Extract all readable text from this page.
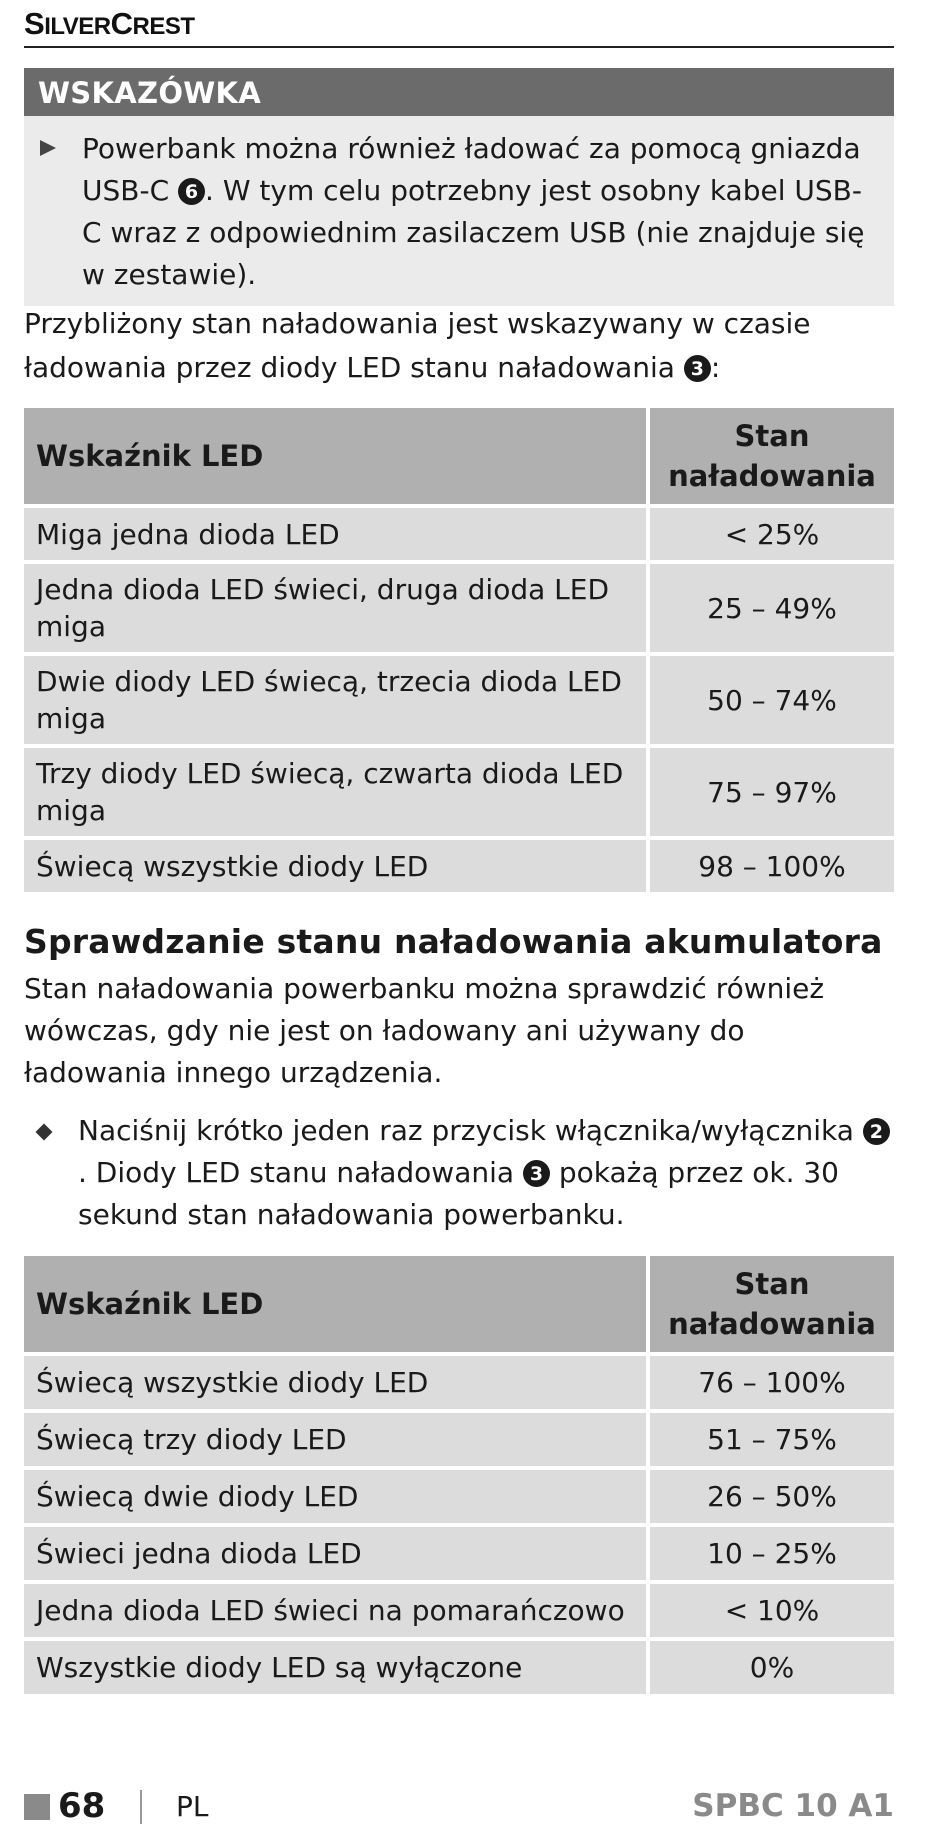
SILVERCREST
WSKAZÓWKA
Powerbank można również ładować za pomocą gniazda USB-C 6 . W tym celu potrzebny jest osobny kabel USB-C wraz z odpowiednim zasilaczem USB (nie znajduje się w zestawie).
Przybliżony stan naładowania jest wskazywany w czasie ładowania przez diody LED stanu naładowania 3 :
Wskaźnik LED	Stan naładowania
Miga jedna dioda LED	< 25%
Jedna dioda LED świeci, druga dioda LED miga	25 – 49%
Dwie diody LED świecą, trzecia dioda LED miga	50 – 74%
Trzy diody LED świecą, czwarta dioda LED miga	75 – 97%
Świecą wszystkie diody LED	98 – 100%
Sprawdzanie stanu naładowania akumulatora
Stan naładowania powerbanku można sprawdzić również wówczas, gdy nie jest on ładowany ani używany do ładowania innego urządzenia.
Naciśnij krótko jeden raz przycisk włącznika/wyłącznika 2. Diody LED stanu naładowania 3 pokażą przez ok. 30 sekund stan naładowania powerbanku.
Wskaźnik LED	Stan naładowania
Świecą wszystkie diody LED	76 – 100%
Świecą trzy diody LED	51 – 75%
Świecą dwie diody LED	26 – 50%
Świeci jedna dioda LED	10 – 25%
Jedna dioda LED świeci na pomarańczowo	< 10%
Wszystkie diody LED są wyłączone	0%
68	PL	SPBC 10 A1
